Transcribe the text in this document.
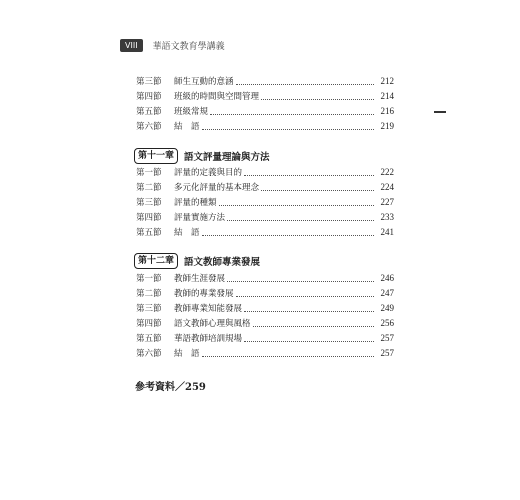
VIII	華語文教育學講義
第三節	師生互動的意涵	212
第四節	班級的時間與空間管理	214
第五節	班級常規	216
第六節	結　語	219
第十一章	語文評量理論與方法
第一節	評量的定義與目的	222
第二節	多元化評量的基本理念	224
第三節	評量的種類	227
第四節	評量實施方法	233
第五節	結　語	241
第十二章	語文教師專業發展
第一節	教師生涯發展	246
第二節	教師的專業發展	247
第三節	教師專業知能發展	249
第四節	語文教師心理與風格	256
第五節	華語教師培訓規場	257
第六節	結　語	257
參考資料／259
